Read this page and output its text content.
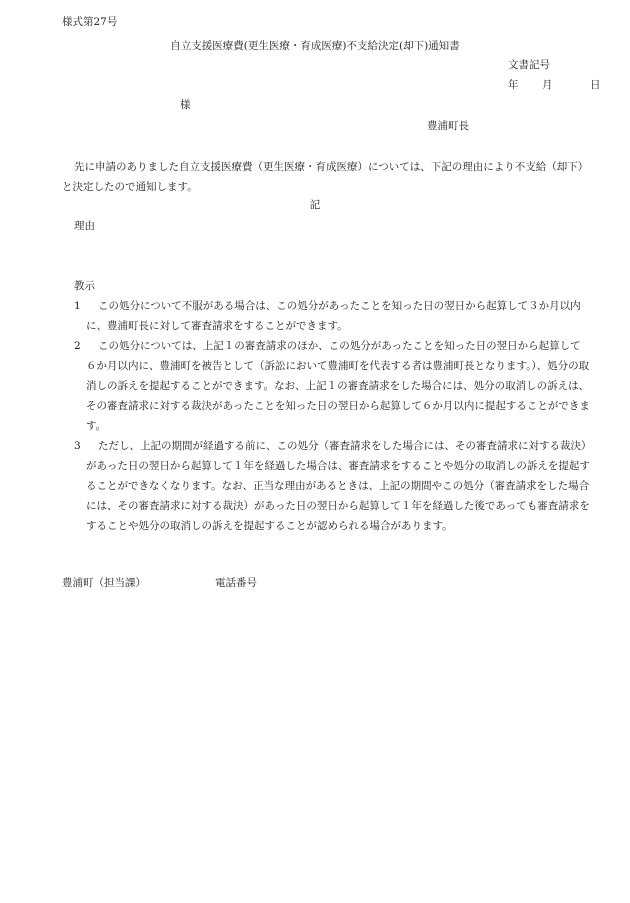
様式第27号
自立支援医療費(更生医療・育成医療)不支給決定(却下)通知書
文書記号
年 月	日
様
豊浦町長
先に申請のありました自立支援医療費（更生医療・育成医療）については、下記の理由により不支給（却下）と決定したので通知します。
記
理由
教示
1	この処分について不服がある場合は、この処分があったことを知った日の翌日から起算して３か月以内に、豊浦町長に対して審査請求をすることができます。
2	この処分については、上記１の審査請求のほか、この処分があったことを知った日の翌日から起算して６か月以内に、豊浦町を被告として（訴訟において豊浦町を代表する者は豊浦町長となります。）、処分の取消しの訴えを提起することができます。なお、上記１の審査請求をした場合には、処分の取消しの訴えは、その審査請求に対する裁決があったことを知った日の翌日から起算して６か月以内に提起することができます。
3	ただし、上記の期間が経過する前に、この処分（審査請求をした場合には、その審査請求に対する裁決）があった日の翌日から起算して１年を経過した場合は、審査請求をすることや処分の取消しの訴えを提起することができなくなります。なお、正当な理由があるときは、上記の期間やこの処分（審査請求をした場合には、その審査請求に対する裁決）があった日の翌日から起算して１年を経過した後であっても審査請求をすることや処分の取消しの訴えを提起することが認められる場合があります。
豊浦町（担当課）	電話番号
